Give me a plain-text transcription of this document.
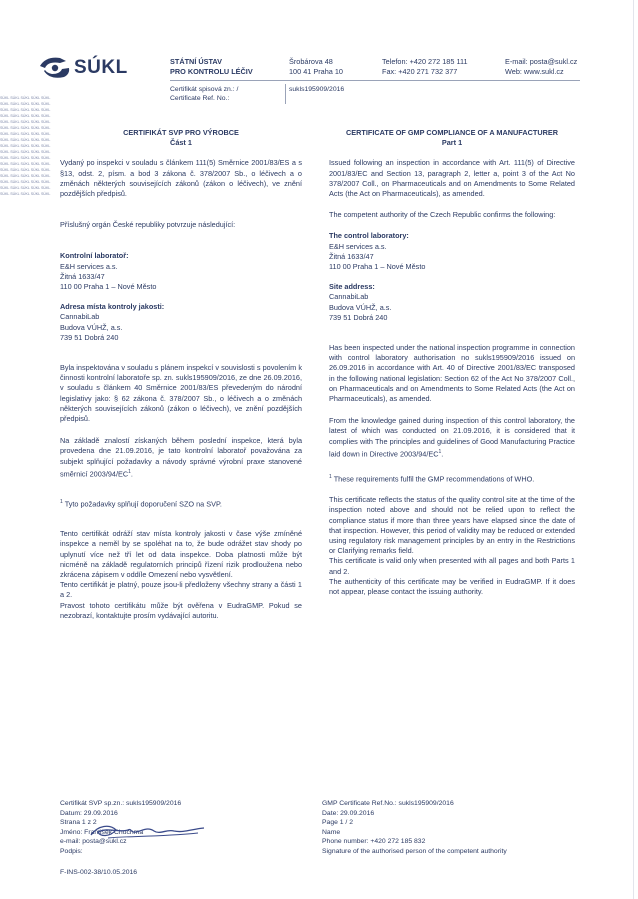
SÚKL	STÁTNÍ ÚSTAV
PRO KONTROLU LÉČIV
Šrobárova 48
100 41 Praha 10
Telefon: +420 272 185 111
Fax: +420 271 732 377
E-mail: posta@sukl.cz
Web: www.sukl.cz
Certifikát spisová zn.: /
Certificate Ref. No.:
sukls195909/2016
SÚKL SÚKL SÚKL SÚKL SÚKL
SÚKL SÚKL SÚKL SÚKL SÚKL
SÚKL SÚKL SÚKL SÚKL SÚKL
SÚKL SÚKL SÚKL SÚKL SÚKL
SÚKL SÚKL SÚKL SÚKL SÚKL
SÚKL SÚKL SÚKL SÚKL SÚKL
SÚKL SÚKL SÚKL SÚKL SÚKL
SÚKL SÚKL SÚKL SÚKL SÚKL
SÚKL SÚKL SÚKL SÚKL SÚKL
SÚKL SÚKL SÚKL SÚKL SÚKL
SÚKL SÚKL SÚKL SÚKL SÚKL
SÚKL SÚKL SÚKL SÚKL SÚKL
SÚKL SÚKL SÚKL SÚKL SÚKL
SÚKL SÚKL SÚKL SÚKL SÚKL
SÚKL SÚKL SÚKL SÚKL SÚKL
SÚKL SÚKL SÚKL SÚKL SÚKL
SÚKL SÚKL SÚKL SÚKL SÚKL
CERTIFIKÁT SVP PRO VÝROBCE
Část 1

Vydaný po inspekci v souladu s článkem 111(5) Směrnice 2001/83/ES a s §13, odst. 2, písm. a bod 3 zákona č. 378/2007 Sb., o léčivech a o změnách některých souvisejících zákonů (zákon o léčivech), ve znění pozdějších předpisů.

Příslušný orgán České republiky potvrzuje následující:

Kontrolní laboratoř:

E&H services a.s.

Žitná 1633/47

110 00 Praha 1 – Nové Město

Adresa místa kontroly jakosti:

CannabiLab

Budova VÚHŽ, a.s.

739 51 Dobrá 240

Byla inspektována v souladu s plánem inspekcí v souvislosti s povolením k činnosti kontrolní laboratoře sp. zn. sukls195909/2016, ze dne 26.09.2016, v souladu s článkem 40 Směrnice 2001/83/ES převedeným do národní legislativy jako: § 62 zákona č. 378/2007 Sb., o léčivech a o změnách některých souvisejících zákonů (zákon o léčivech), ve znění pozdějších předpisů.

Na základě znalostí získaných během poslední inspekce, která byla provedena dne 21.09.2016, je tato kontrolní laboratoř považována za subjekt splňující požadavky a návody správné výrobní praxe stanovené směrnicí $2003/94/EC^1$.

$^1$ Tyto požadavky splňují doporučení SZO na SVP.

Tento certifikát odráží stav místa kontroly jakosti v čase výše zmíněné inspekce a neměl by se spoléhat na to, že bude odrážet stav shody po uplynutí více než tří let od data inspekce. Doba platnosti může být nicméně na základě regulatorních principů řízení rizik prodloužena nebo zkrácena zápisem v oddíle Omezení nebo vysvětlení.

Tento certifikát je platný, pouze jsou-li předloženy všechny strany a části 1 a 2.

Pravost tohoto certifikátu může být ověřena v EudraGMP. Pokud se nezobrazí, kontaktujte prosím vydávající autoritu.

CERTIFICATE OF GMP COMPLIANCE OF A MANUFACTURER
Part 1

Issued following an inspection in accordance with Art. 111(5) of Directive 2001/83/EC and Section 13, paragraph 2, letter a, point 3 of the Act No 378/2007 Coll., on Pharmaceuticals and on Amendments to Some Related Acts (the Act on Pharmaceuticals), as amended.

The competent authority of the Czech Republic confirms the following:

The control laboratory:

E&H services a.s.

Žitná 1633/47

110 00 Praha 1 – Nové Město

Site address:

CannabiLab

Budova VÚHŽ, a.s.

739 51 Dobrá 240

Has been inspected under the national inspection programme in connection with control laboratory authorisation no sukls195909/2016 issued on 26.09.2016 in accordance with Art. 40 of Directive 2001/83/EC transposed in the following national legislation: Section 62 of the Act No 378/2007 Coll., on Pharmaceuticals and on Amendments to Some Related Acts (the Act on Pharmaceuticals), as amended.

From the knowledge gained during inspection of this control laboratory, the latest of which was conducted on 21.09.2016, it is considered that it complies with The principles and guidelines of Good Manufacturing Practice laid down in Directive $2003/94/EC^1$.

$^1$ These requirements fulfil the GMP recommendations of WHO.

This certificate reflects the status of the quality control site at the time of the inspection noted above and should not be relied upon to reflect the compliance status if more than three years have elapsed since the date of that inspection. However, this period of validity may be reduced or extended using regulatory risk management principles by an entry in the Restrictions or Clarifying remarks field.

This certificate is valid only when presented with all pages and both Parts 1 and 2.

The authenticity of this certificate may be verified in EudraGMP. If it does not appear, please contact the issuing authority.

Certifikát SVP sp.zn.: sukls195909/2016
Datum: 29.09.2016
Strana 1 z 2
Jméno: František Chuchma
e-mail: posta@sukl.cz
Podpis:
F-INS-002-38/10.05.2016
GMP Certificate Ref.No.: sukls195909/2016
Date: 29.09.2016
Page 1 / 2
Name
Phone number: +420 272 185 832
Signature of the authorised person of the competent authority
